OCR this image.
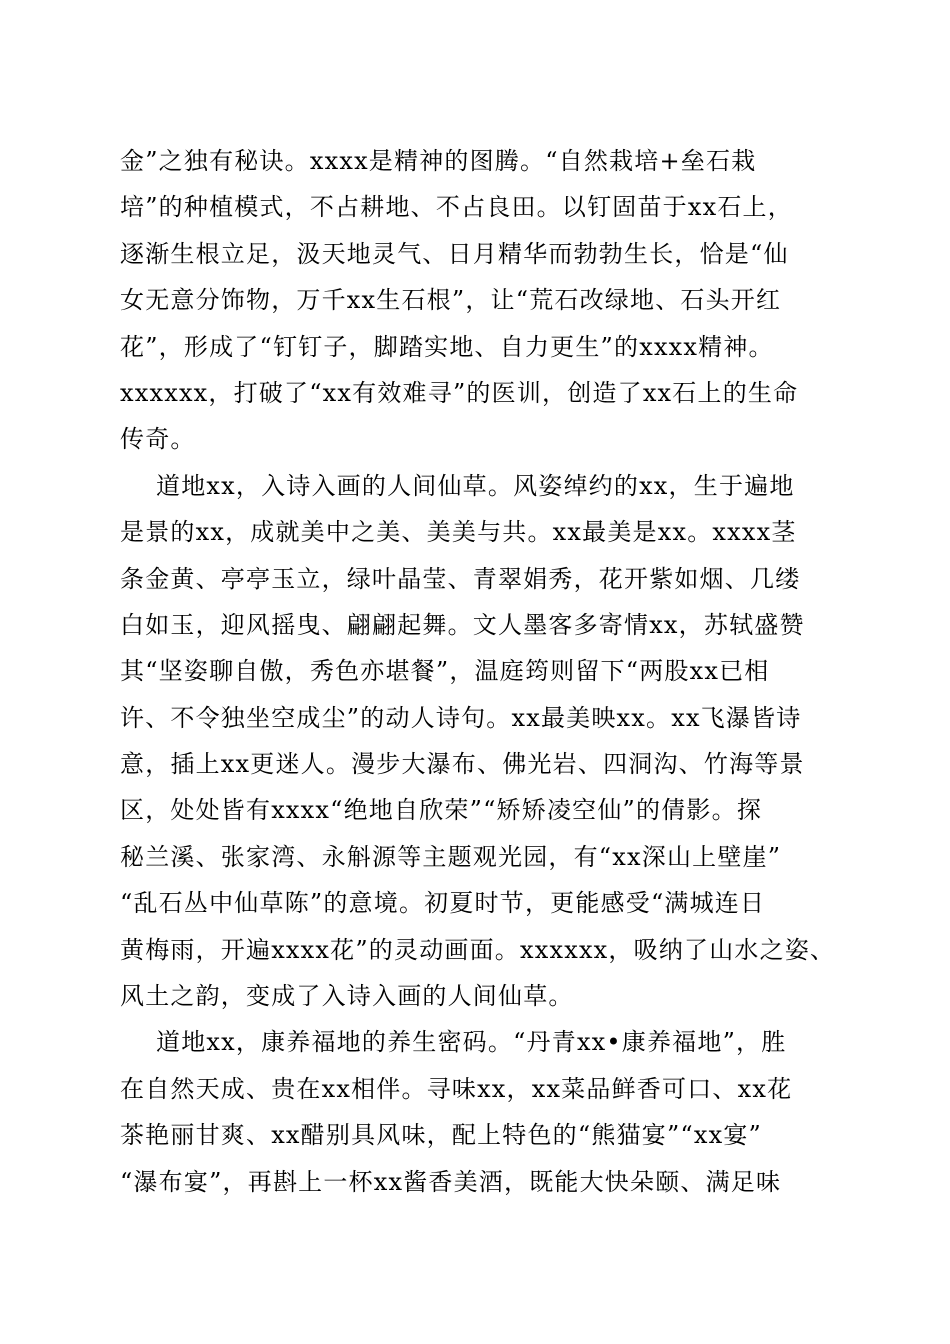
金”之独有秘诀。xxxx是精神的图腾。“自然栽培+垒石栽
培”的种植模式，不占耕地、不占良田。以钉固苗于xx石上，
逐渐生根立足，汲天地灵气、日月精华而勃勃生长，恰是“仙
女无意分饰物，万千xx生石根”，让“荒石改绿地、石头开红
花”，形成了“钉钉子，脚踏实地、自力更生”的xxxx精神。
xxxxxx，打破了“xx有效难寻”的医训，创造了xx石上的生命
传奇。
道地xx，入诗入画的人间仙草。风姿绰约的xx，生于遍地
是景的xx，成就美中之美、美美与共。xx最美是xx。xxxx茎
条金黄、亭亭玉立，绿叶晶莹、青翠娟秀，花开紫如烟、几缕
白如玉，迎风摇曳、翩翩起舞。文人墨客多寄情xx，苏轼盛赞
其“坚姿聊自傲，秀色亦堪餐”，温庭筠则留下“两股xx已相
许、不令独坐空成尘”的动人诗句。xx最美映xx。xx飞瀑皆诗
意，插上xx更迷人。漫步大瀑布、佛光岩、四洞沟、竹海等景
区，处处皆有xxxx“绝地自欣荣”“矫矫凌空仙”的倩影。探
秘兰溪、张家湾、永斛源等主题观光园，有“xx深山上壁崖”
“乱石丛中仙草陈”的意境。初夏时节，更能感受“满城连日
黄梅雨，开遍xxxx花”的灵动画面。xxxxxx，吸纳了山水之姿、
风土之韵，变成了入诗入画的人间仙草。
道地xx，康养福地的养生密码。“丹青xx•康养福地”，胜
在自然天成、贵在xx相伴。寻味xx，xx菜品鲜香可口、xx花
茶艳丽甘爽、xx醋别具风味，配上特色的“熊猫宴”“xx宴”
“瀑布宴”，再斟上一杯xx酱香美酒，既能大快朵颐、满足味
